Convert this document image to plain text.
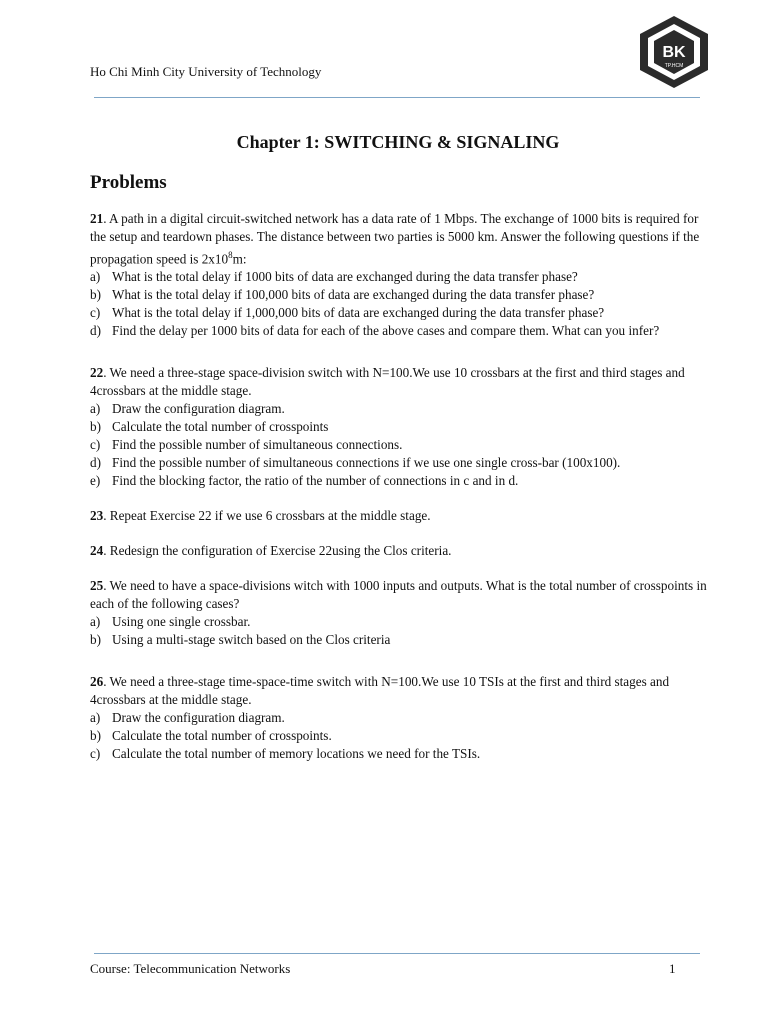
Ho Chi Minh City University of Technology
BK
TP.HCM
Chapter 1: SWITCHING & SIGNALING
Problems

21. A path in a digital circuit-switched network has a data rate of 1 Mbps. The exchange of 1000 bits is required for the setup and teardown phases. The distance between two parties is 5000 km. Answer the following questions if the propagation speed is $2x10^8m$:

a) What is the total delay if 1000 bits of data are exchanged during the data transfer phase?
b) What is the total delay if 100,000 bits of data are exchanged during the data transfer phase?
c) What is the total delay if 1,000,000 bits of data are exchanged during the data transfer phase?
d) Find the delay per 1000 bits of data for each of the above cases and compare them. What can you infer?

22. We need a three-stage space-division switch with N=100.We use 10 crossbars at the first and third stages and 4crossbars at the middle stage.

a) Draw the configuration diagram.
b) Calculate the total number of crosspoints
c) Find the possible number of simultaneous connections.
d) Find the possible number of simultaneous connections if we use one single cross-bar (100x100).
e) Find the blocking factor, the ratio of the number of connections in c and in d.

23. Repeat Exercise 22 if we use 6 crossbars at the middle stage.

24. Redesign the configuration of Exercise 22using the Clos criteria.

25. We need to have a space-divisions witch with 1000 inputs and outputs. What is the total number of crosspoints in each of the following cases?

a) Using one single crossbar.
b) Using a multi-stage switch based on the Clos criteria

26. We need a three-stage time-space-time switch with N=100.We use 10 TSIs at the first and third stages and 4crossbars at the middle stage.

a) Draw the configuration diagram.
b) Calculate the total number of crosspoints.
c) Calculate the total number of memory locations we need for the TSIs.
Course: Telecommunication Networks	1
